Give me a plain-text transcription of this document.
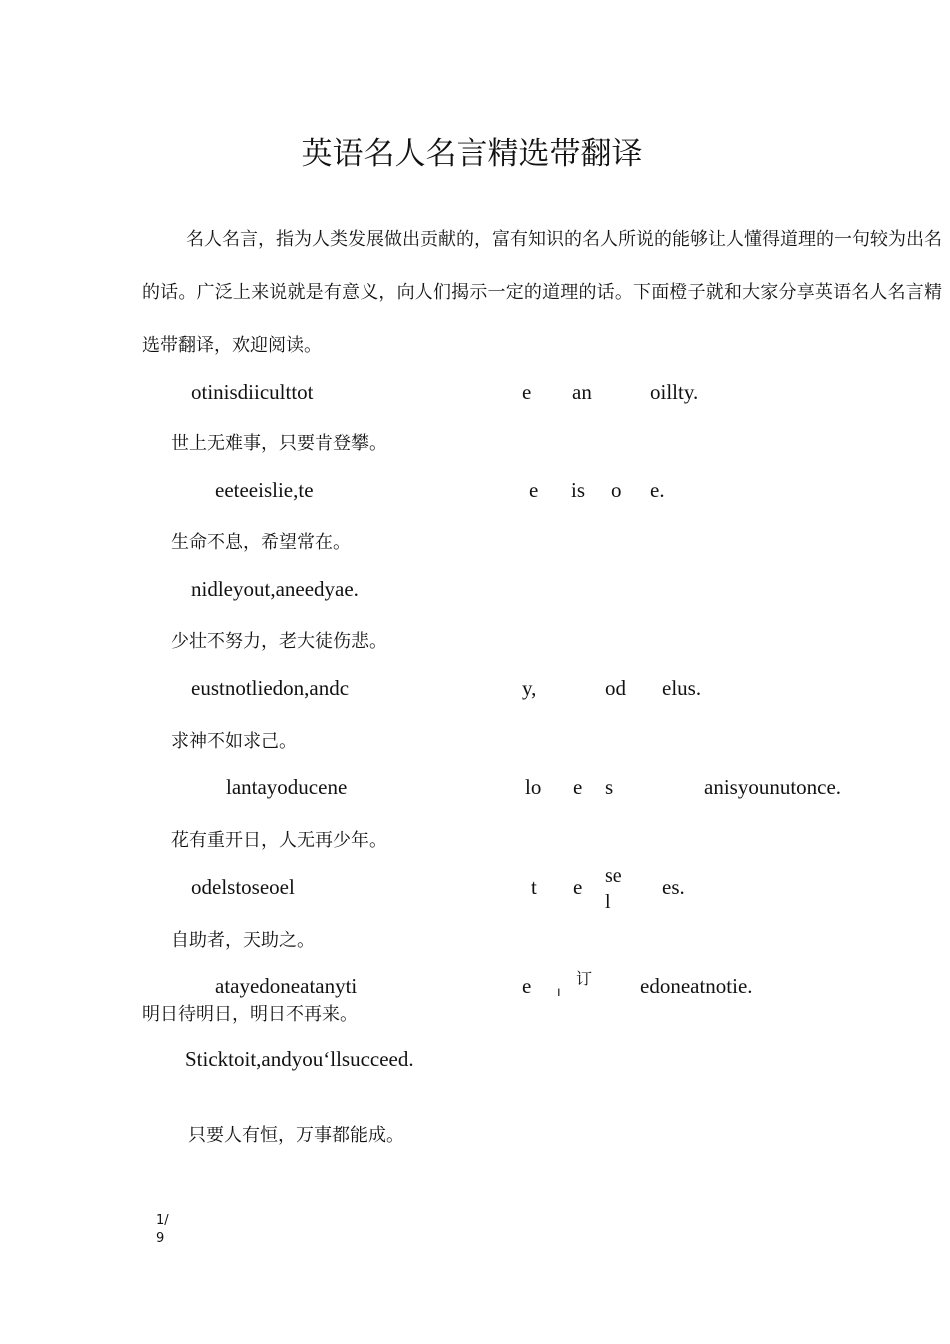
英语名人名言精选带翻译

名人名言，指为人类发展做出贡献的，富有知识的名人所说的能够让人懂得道理的一句较为出名的话。广泛上来说就是有意义，向人们揭示一定的道理的话。下面橙子就和大家分享英语名人名言精选带翻译，欢迎阅读。

otinisdiiculttot	e an	oillty.
世上无难事，只要肯登攀。
eeteeislie,te	e is o e.
生命不息，希望常在。
nidleyout,aneedyae.
少壮不努力，老大徒伤悲。
eustnotliedon,andc	y,	od elus.
求神不如求己。
lantayoducene	lo e s	anisyounutonce.
花有重开日，人无再少年。
odelstoseoel	t e se
l
es.
自助者，天助之。
atayedoneatanyti	e ı
订 edoneatnotie.
明日待明日，明日不再来。
Sticktoit,andyou‘llsucceed.
只要人有恒，万事都能成。
1/
9
